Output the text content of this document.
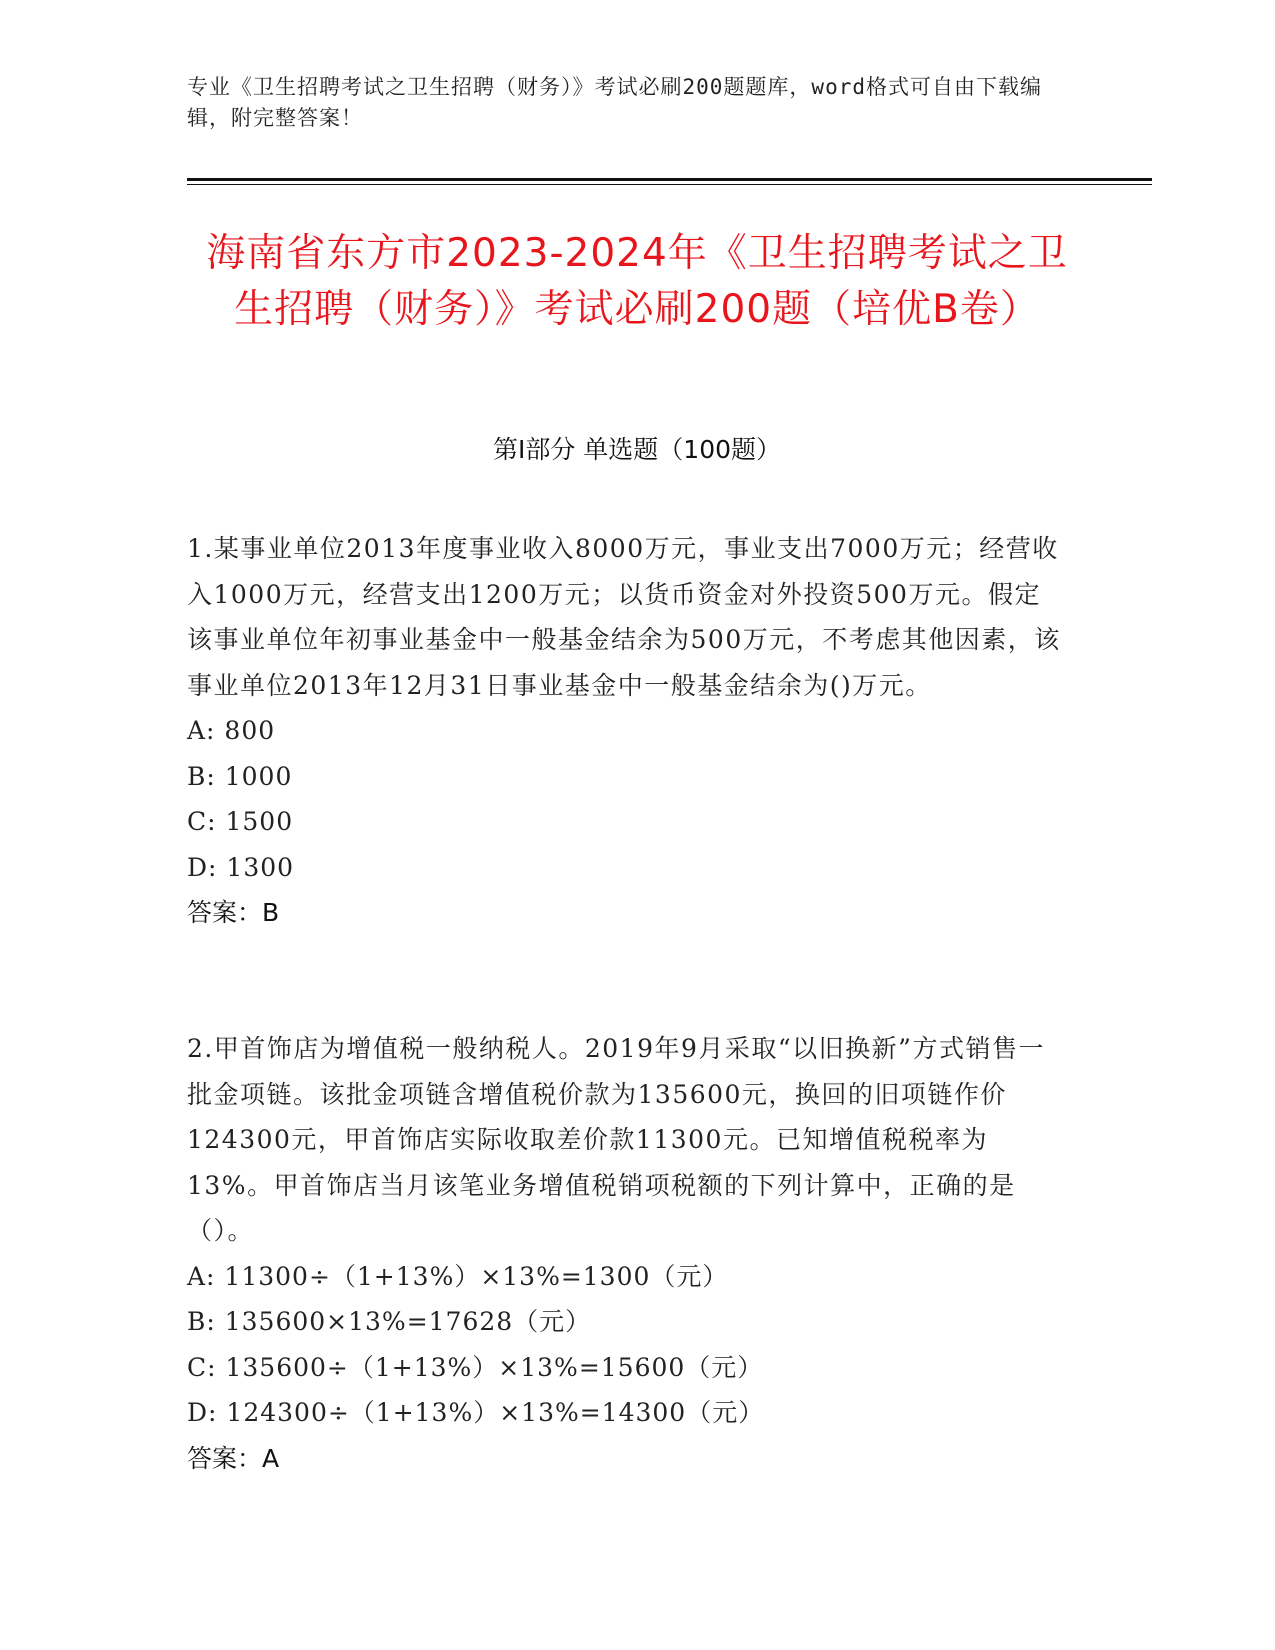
专业《卫生招聘考试之卫生招聘（财务）》考试必刷200题题库，word格式可自由下载编辑，附完整答案！
海南省东方市2023-2024年《卫生招聘考试之卫生招聘（财务）》考试必刷200题（培优B卷）
第I部分 单选题（100题）
1.某事业单位2013年度事业收入8000万元，事业支出7000万元；经营收入1000万元，经营支出1200万元；以货币资金对外投资500万元。假定该事业单位年初事业基金中一般基金结余为500万元，不考虑其他因素，该事业单位2013年12月31日事业基金中一般基金结余为()万元。
A: 800
B: 1000
C: 1500
D: 1300
答案：B
2.甲首饰店为增值税一般纳税人。2019年9月采取“以旧换新”方式销售一批金项链。该批金项链含增值税价款为135600元，换回的旧项链作价124300元，甲首饰店实际收取差价款11300元。已知增值税税率为13%。甲首饰店当月该笔业务增值税销项税额的下列计算中，正确的是（）。
A: 11300÷（1+13%）×13%=1300（元）
B: 135600×13%=17628（元）
C: 135600÷（1+13%）×13%=15600（元）
D: 124300÷（1+13%）×13%=14300（元）
答案：A
